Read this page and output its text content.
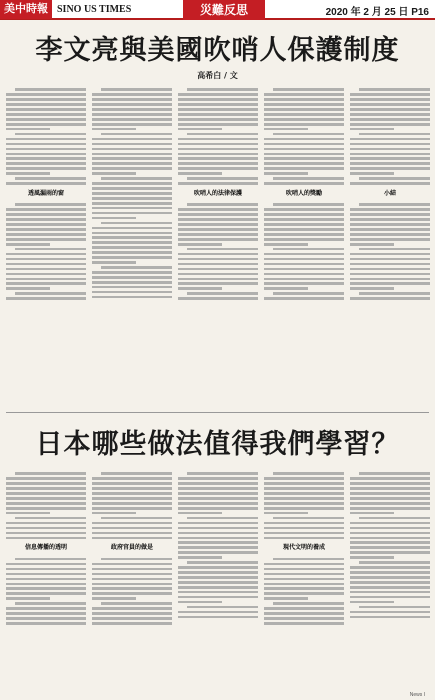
美中時報 SINO US TIMES	災難反思	2020 年 2 月 25 日 P16
李文亮與美國吹哨人保護制度
高希白 / 文
透風漏雨的窗	吹哨人的法律保護	吹哨人的獎勵	小結
日本哪些做法值得我們學習？
信息傳播的透明	政府官員的做是	現代文明的養成
News I
